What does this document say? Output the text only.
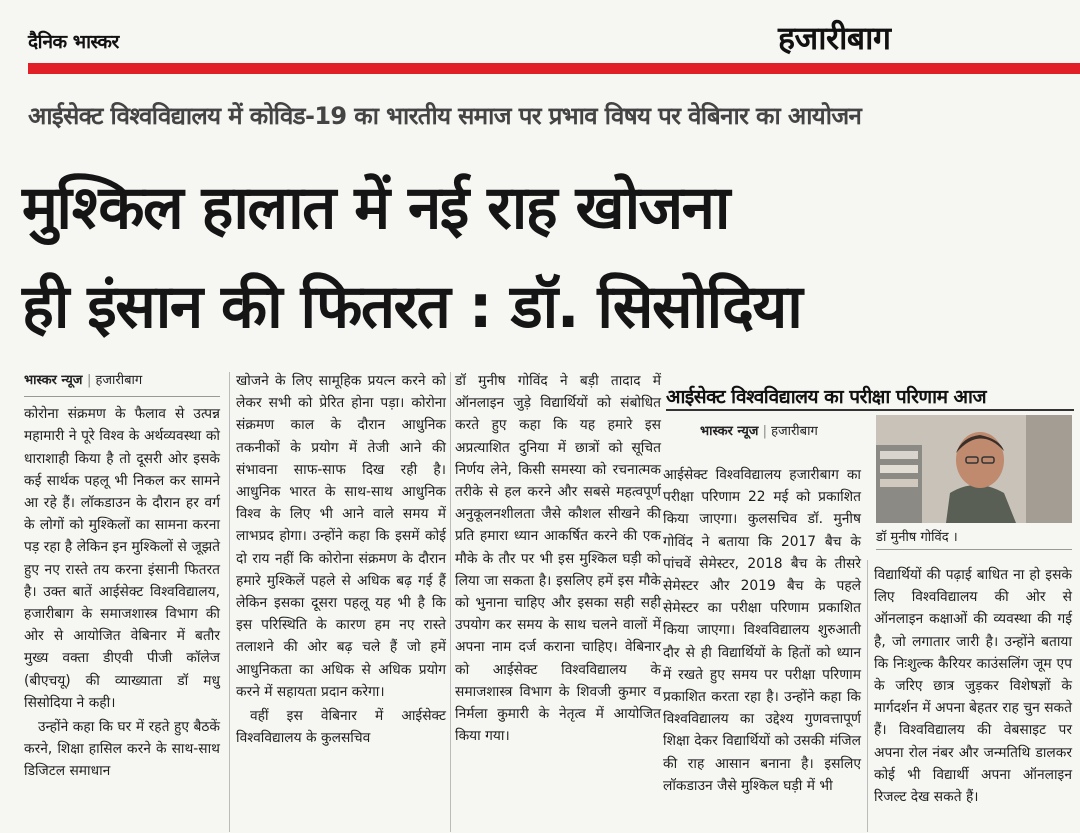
दैनिक भास्कर	हजारीबाग
आईसेक्ट विश्वविद्यालय में कोविड-19 का भारतीय समाज पर प्रभाव विषय पर वेबिनार का आयोजन
मुश्किल हालात में नई राह खोजना
ही इंसान की फितरत : डॉ. सिसोदिया
भास्कर न्यूज | हजारीबाग

कोरोना संक्रमण के फैलाव से उत्पन्न महामारी ने पूरे विश्व के अर्थव्यवस्था को धाराशाही किया है तो दूसरी ओर इसके कई सार्थक पहलू भी निकल कर सामने आ रहे हैं। लॉकडाउन के दौरान हर वर्ग के लोगों को मुश्किलों का सामना करना पड़ रहा है लेकिन इन मुश्किलों से जूझते हुए नए रास्ते तय करना इंसानी फितरत है। उक्त बातें आईसेक्ट विश्वविद्यालय, हजारीबाग के समाजशास्त्र विभाग की ओर से आयोजित वेबिनार में बतौर मुख्य वक्ता डीएवी पीजी कॉलेज (बीएचयू) की व्याख्याता डॉ मधु सिसोदिया ने कही।

उन्होंने कहा कि घर में रहते हुए बैठकें करने, शिक्षा हासिल करने के साथ-साथ डिजिटल समाधान

खोजने के लिए सामूहिक प्रयत्न करने को लेकर सभी को प्रेरित होना पड़ा। कोरोना संक्रमण काल के दौरान आधुनिक तकनीकों के प्रयोग में तेजी आने की संभावना साफ-साफ दिख रही है। आधुनिक भारत के साथ-साथ आधुनिक विश्व के लिए भी आने वाले समय में लाभप्रद होगा। उन्होंने कहा कि इसमें कोई दो राय नहीं कि कोरोना संक्रमण के दौरान हमारे मुश्किलें पहले से अधिक बढ़ गई हैं लेकिन इसका दूसरा पहलू यह भी है कि इस परिस्थिति के कारण हम नए रास्ते तलाशने की ओर बढ़ चले हैं जो हमें आधुनिकता का अधिक से अधिक प्रयोग करने में सहायता प्रदान करेगा।

वहीं इस वेबिनार में आईसेक्ट विश्वविद्यालय के कुलसचिव

डॉ मुनीष गोविंद ने बड़ी तादाद में ऑनलाइन जुड़े विद्यार्थियों को संबोधित करते हुए कहा कि यह हमारे इस अप्रत्याशित दुनिया में छात्रों को सूचित निर्णय लेने, किसी समस्या को रचनात्मक तरीके से हल करने और सबसे महत्वपूर्ण अनुकूलनशीलता जैसे कौशल सीखने की प्रति हमारा ध्यान आकर्षित करने की एक मौके के तौर पर भी इस मुश्किल घड़ी को लिया जा सकता है। इसलिए हमें इस मौके को भुनाना चाहिए और इसका सही सही उपयोग कर समय के साथ चलने वालों में अपना नाम दर्ज कराना चाहिए। वेबिनार को आईसेक्ट विश्वविद्यालय के समाजशास्त्र विभाग के शिवजी कुमार व निर्मला कुमारी के नेतृत्व में आयोजित किया गया।

आईसेक्ट विश्वविद्यालय का परीक्षा परिणाम आज
भास्कर न्यूज | हजारीबाग
डॉ मुनीष गोविंद ।

आईसेक्ट विश्वविद्यालय हजारीबाग का परीक्षा परिणाम 22 मई को प्रकाशित किया जाएगा। कुलसचिव डॉ. मुनीष गोविंद ने बताया कि 2017 बैच के पांचवें सेमेस्टर, 2018 बैच के तीसरे सेमेस्टर और 2019 बैच के पहले सेमेस्टर का परीक्षा परिणाम प्रकाशित किया जाएगा। विश्वविद्यालय शुरुआती दौर से ही विद्यार्थियों के हितों को ध्यान में रखते हुए समय पर परीक्षा परिणाम प्रकाशित करता रहा है। उन्होंने कहा कि विश्वविद्यालय का उद्देश्य गुणवत्तापूर्ण शिक्षा देकर विद्यार्थियों को उसकी मंजिल की राह आसान बनाना है। इसलिए लॉकडाउन जैसे मुश्किल घड़ी में भी

विद्यार्थियों की पढ़ाई बाधित ना हो इसके लिए विश्वविद्यालय की ओर से ऑनलाइन कक्षाओं की व्यवस्था की गई है, जो लगातार जारी है। उन्होंने बताया कि निःशुल्क कैरियर काउंसलिंग जूम एप के जरिए छात्र जुड़कर विशेषज्ञों के मार्गदर्शन में अपना बेहतर राह चुन सकते हैं। विश्वविद्यालय की वेबसाइट पर अपना रोल नंबर और जन्मतिथि डालकर कोई भी विद्यार्थी अपना ऑनलाइन रिजल्ट देख सकते हैं।
